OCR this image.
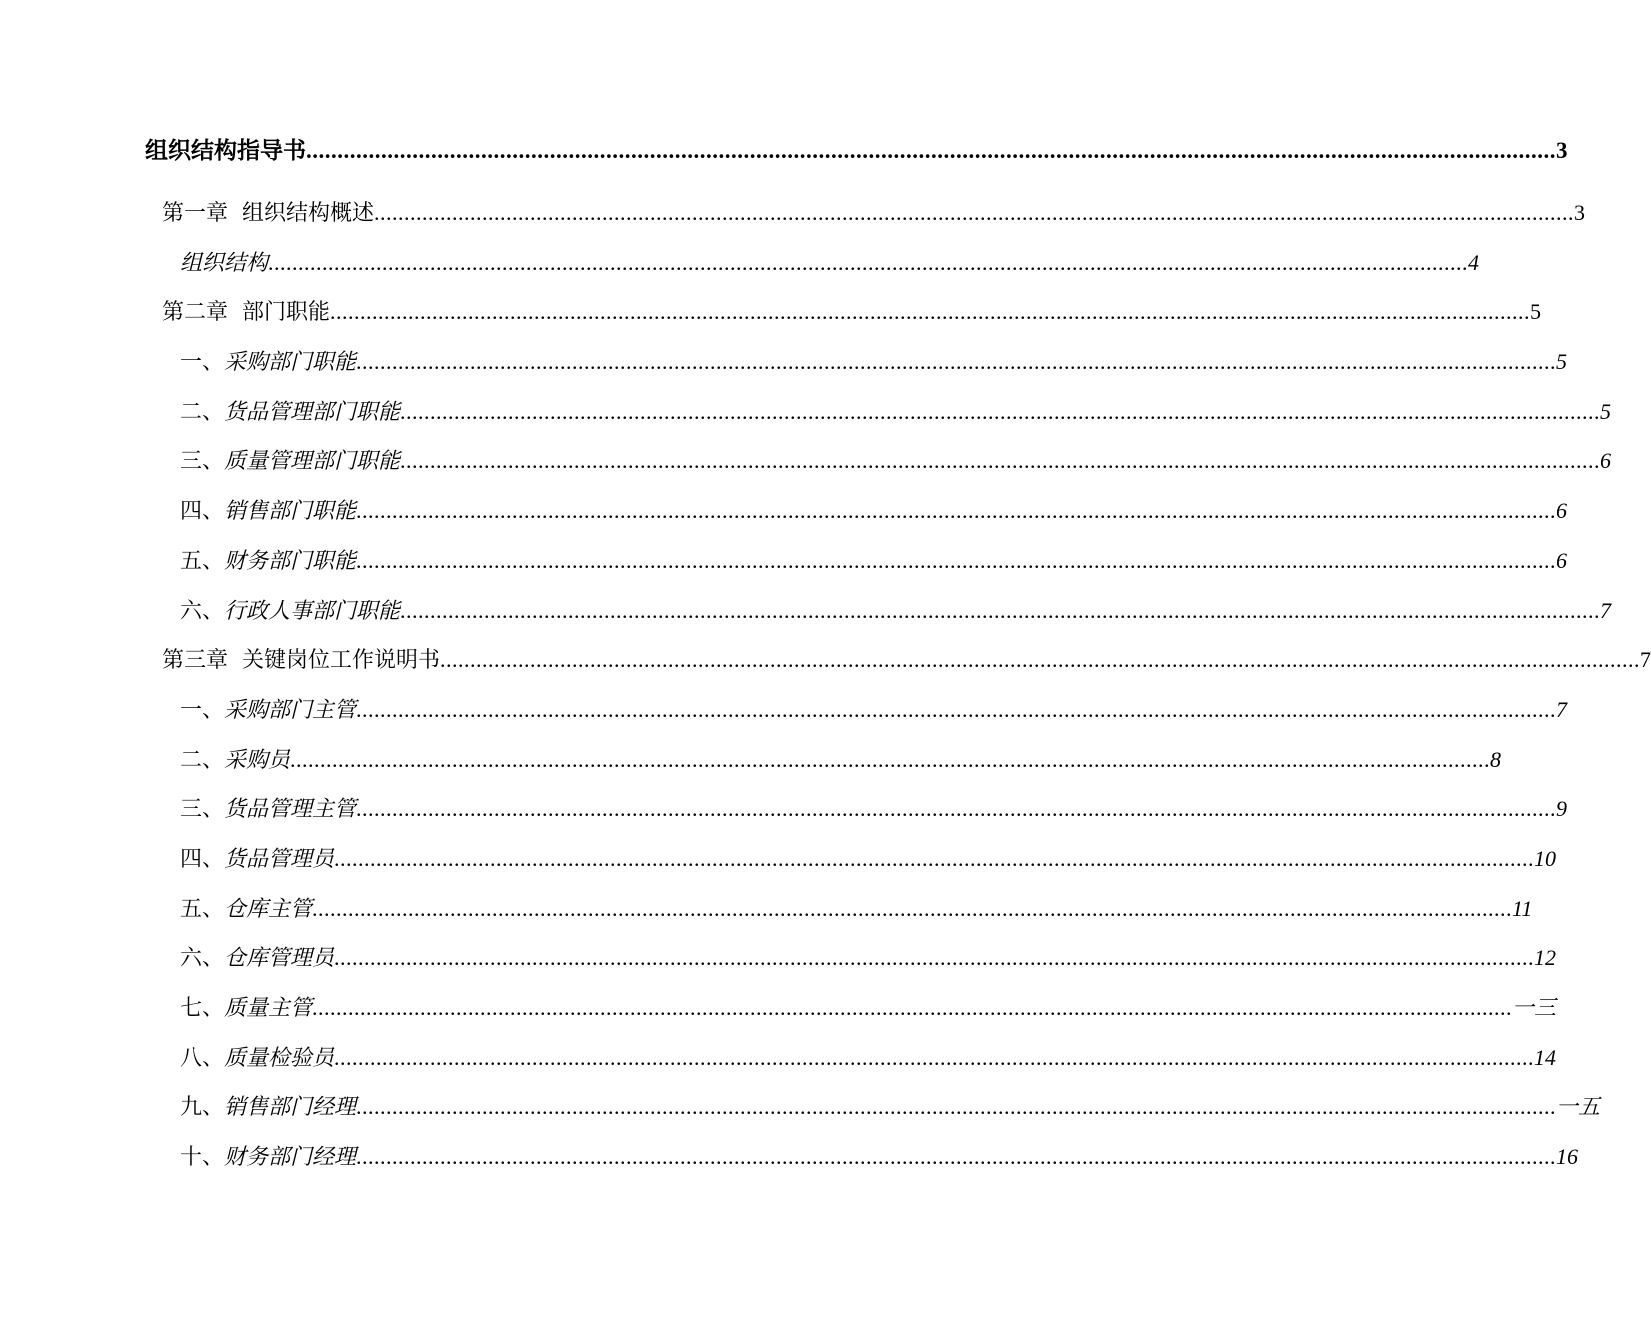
组织结构指导书 ........................................................................................................................................................................................................ 3
第一章 组织结构概述 ........................................................................................................................................................................................................ 3
组织结构 ........................................................................................................................................................................................................ 4
第二章 部门职能 ........................................................................................................................................................................................................ 5
一、采购部门职能 ........................................................................................................................................................................................................ 5
二、货品管理部门职能 ........................................................................................................................................................................................................ 5
三、质量管理部门职能 ........................................................................................................................................................................................................ 6
四、销售部门职能 ........................................................................................................................................................................................................ 6
五、财务部门职能 ........................................................................................................................................................................................................ 6
六、行政人事部门职能 ........................................................................................................................................................................................................ 7
第三章 关键岗位工作说明书 ........................................................................................................................................................................................................ 7
一、采购部门主管 ........................................................................................................................................................................................................ 7
二、采购员 ........................................................................................................................................................................................................ 8
三、货品管理主管 ........................................................................................................................................................................................................ 9
四、货品管理员 ........................................................................................................................................................................................................ 10
五、仓库主管 ........................................................................................................................................................................................................ 11
六、仓库管理员 ........................................................................................................................................................................................................ 12
七、质量主管 ........................................................................................................................................................................................................ 一三
八、质量检验员 ........................................................................................................................................................................................................ 14
九、销售部门经理 ........................................................................................................................................................................................................ 一五
十、财务部门经理 ........................................................................................................................................................................................................ 16
